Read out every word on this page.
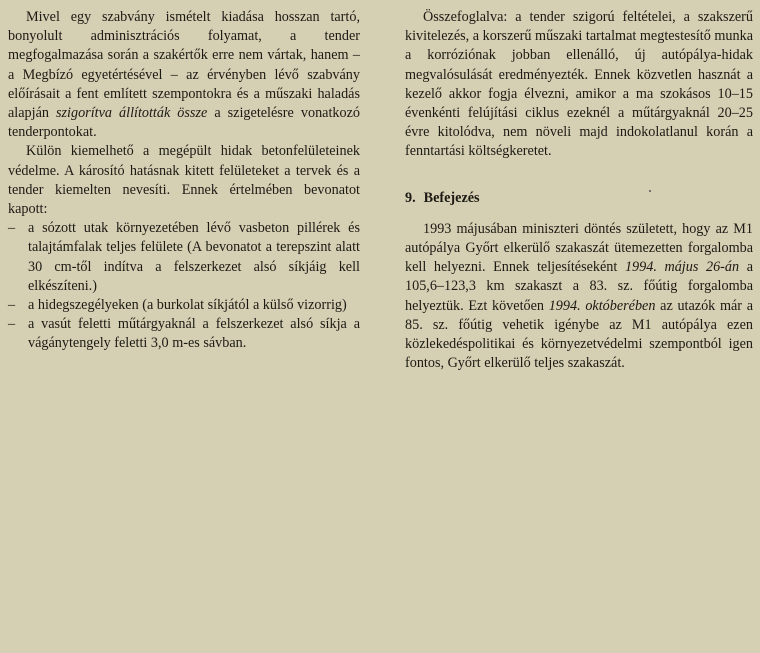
Mivel egy szabvány ismételt kiadása hosszan tartó, bonyolult adminisztrációs folyamat, a tender megfogalmazása során a szakértők erre nem vártak, hanem – a Megbízó egyetértésével – az érvényben lévő szabvány előírásait a fent említett szempontokra és a műszaki haladás alapján szigorítva állították össze a szigetelésre vonatkozó tenderpontokat.

Külön kiemelhető a megépült hidak betonfelületeinek védelme. A károsító hatásnak kitett felületeket a tervek és a tender kiemelten nevesíti. Ennek értelmében bevonatot kapott:

– a sózott utak környezetében lévő vasbeton pillérek és talajtámfalak teljes felülete (A bevonatot a terepszint alatt 30 cm-től indítva a felszerkezet alsó síkjáig kell elkészíteni.)
– a hidegszegélyeken (a burkolat síkjától a külső vizorrig)
– a vasút feletti műtárgyaknál a felszerkezet alsó síkja a vágánytengely feletti 3,0 m-es sávban.

Összefoglalva: a tender szigorú feltételei, a szakszerű kivitelezés, a korszerű műszaki tartalmat megtestesítő munka a korróziónak jobban ellenálló, új autópálya-hidak megvalósulását eredményezték. Ennek közvetlen hasznát a kezelő akkor fogja élvezni, amikor a ma szokásos 10–15 évenkénti felújítási ciklus ezeknél a műtárgyaknál 20–25 évre kitolódva, nem növeli majd indokolatlanul korán a fenntartási költségkeretet.

9. Befejezés

1993 májusában miniszteri döntés született, hogy az M1 autópálya Győrt elkerülő szakaszát ütemezetten forgalomba kell helyezni. Ennek teljesítéseként 1994. május 26-án a 105,6–123,3 km szakaszt a 83. sz. főútig forgalomba helyeztük. Ezt követően 1994. októberében az utazók már a 85. sz. főútig vehetik igénybe az M1 autópálya ezen közlekedéspolitikai és környezetvédelmi szempontból igen fontos, Győrt elkerülő teljes szakaszát.
